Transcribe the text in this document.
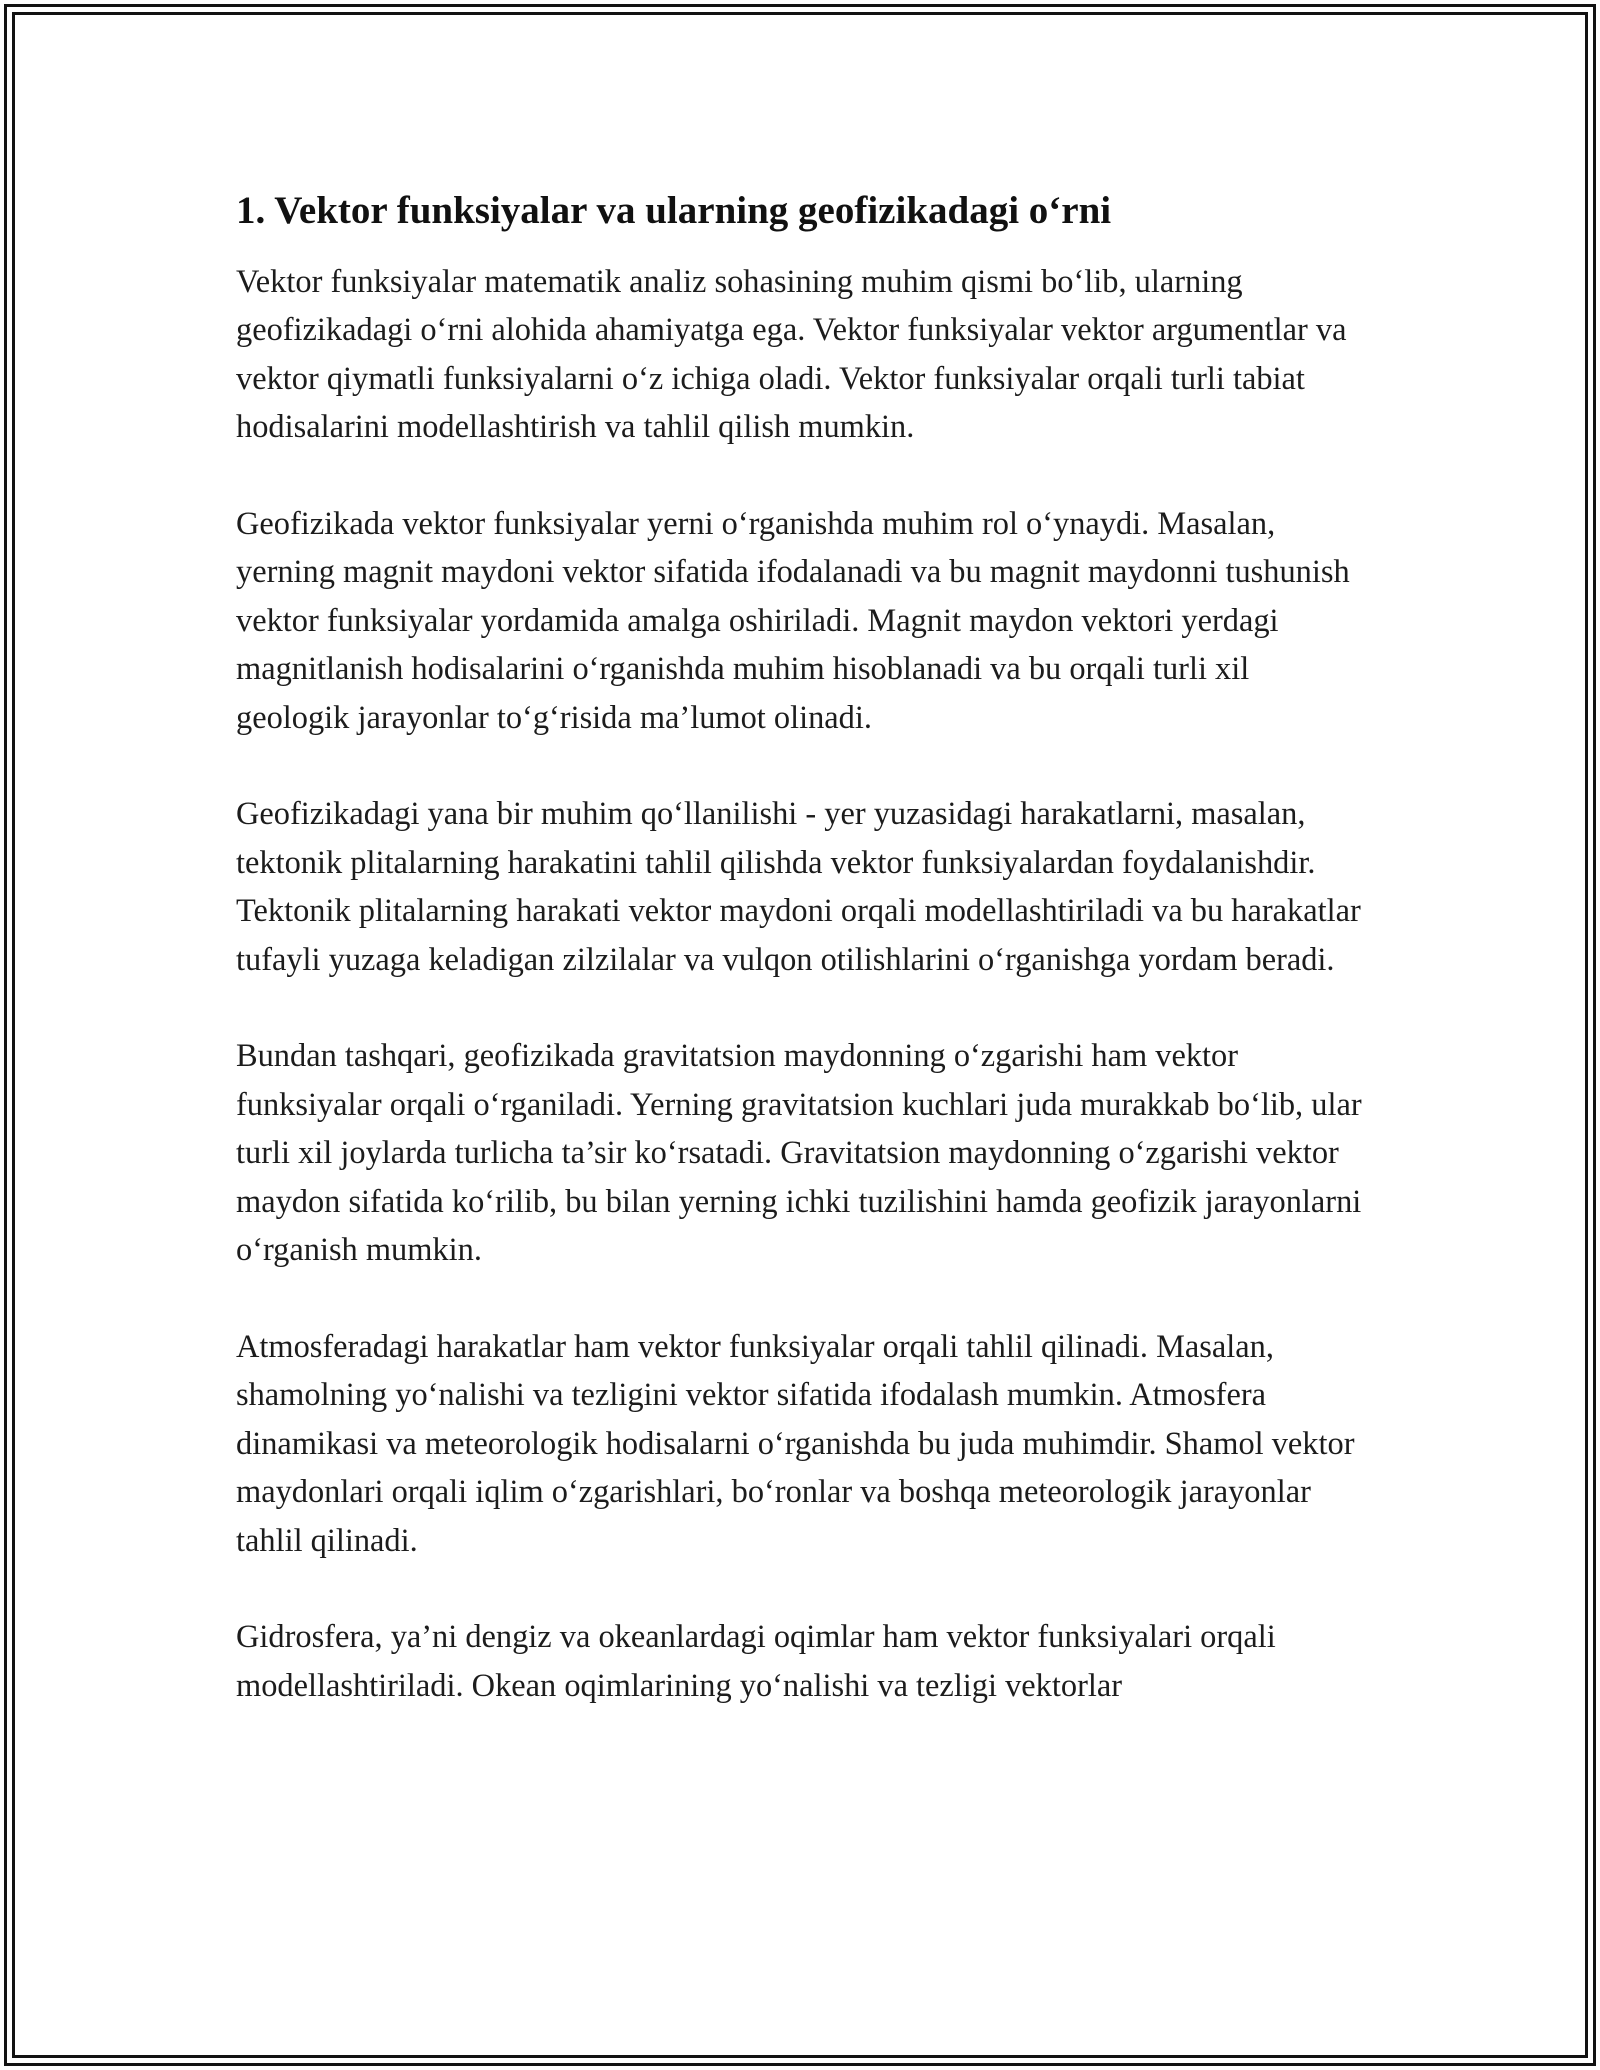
1. Vektor funksiyalar va ularning geofizikadagi o‘rni

Vektor funksiyalar matematik analiz sohasining muhim qismi bo‘lib, ularning geofizikadagi o‘rni alohida ahamiyatga ega. Vektor funksiyalar vektor argumentlar va vektor qiymatli funksiyalarni o‘z ichiga oladi. Vektor funksiyalar orqali turli tabiat hodisalarini modellashtirish va tahlil qilish mumkin.

Geofizikada vektor funksiyalar yerni o‘rganishda muhim rol o‘ynaydi. Masalan, yerning magnit maydoni vektor sifatida ifodalanadi va bu magnit maydonni tushunish vektor funksiyalar yordamida amalga oshiriladi. Magnit maydon vektori yerdagi magnitlanish hodisalarini o‘rganishda muhim hisoblanadi va bu orqali turli xil geologik jarayonlar to‘g‘risida ma’lumot olinadi.

Geofizikadagi yana bir muhim qo‘llanilishi - yer yuzasidagi harakatlarni, masalan, tektonik plitalarning harakatini tahlil qilishda vektor funksiyalardan foydalanishdir. Tektonik plitalarning harakati vektor maydoni orqali modellashtiriladi va bu harakatlar tufayli yuzaga keladigan zilzilalar va vulqon otilishlarini o‘rganishga yordam beradi.

Bundan tashqari, geofizikada gravitatsion maydonning o‘zgarishi ham vektor funksiyalar orqali o‘rganiladi. Yerning gravitatsion kuchlari juda murakkab bo‘lib, ular turli xil joylarda turlicha ta’sir ko‘rsatadi. Gravitatsion maydonning o‘zgarishi vektor maydon sifatida ko‘rilib, bu bilan yerning ichki tuzilishini hamda geofizik jarayonlarni o‘rganish mumkin.

Atmosferadagi harakatlar ham vektor funksiyalar orqali tahlil qilinadi. Masalan, shamolning yo‘nalishi va tezligini vektor sifatida ifodalash mumkin. Atmosfera dinamikasi va meteorologik hodisalarni o‘rganishda bu juda muhimdir. Shamol vektor maydonlari orqali iqlim o‘zgarishlari, bo‘ronlar va boshqa meteorologik jarayonlar tahlil qilinadi.

Gidrosfera, ya’ni dengiz va okeanlardagi oqimlar ham vektor funksiyalari orqali modellashtiriladi. Okean oqimlarining yo‘nalishi va tezligi vektorlar
